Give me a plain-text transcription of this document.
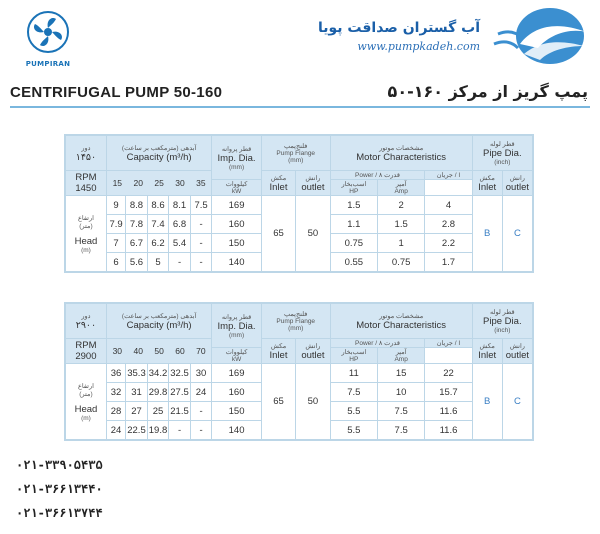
PUMPIRAN
آب گستران صداقت پویا
www.pumpkadeh.com
CENTRIFUGAL PUMP 50-160	پمپ گریز از مرکز ۱۶۰-۵۰
دور
۱۴۵۰	آبدهی (مترمکعب بر ساعت)
Capacity (m³/h)					قطر پروانه
Imp. Dia.
(mm)	فلنج‌پمپ
Pump Flange
(mm)		مشخصات موتور
Motor Characteristics			قطر لوله
Pipe Dia.
(inch)	

RPM
1450	15 20 25 30 35						مکش
Inlet	رانش
outlet	Power / ۸ قدرت		جریان / I	مکش
Inlet	رانش
outlet

						کیلووات
kW			اسب‌بخار
HP	آمپر
Amp			

ارتفاع
(متر)
Head
(m)	9	8.8	8.6	8.1	7.5	169	65	50	1.5	2	4	B	C
	7.9	7.8	7.4	6.8	-	160			1.1	1.5	2.8		
	7	6.7	6.2	5.4	-	150			0.75	1	2.2		
	6	5.6	5	-	-	140			0.55	0.75	1.7		
دور
۲۹۰۰	آبدهی (مترمکعب بر ساعت)
Capacity (m³/h)					قطر پروانه
Imp. Dia.
(mm)	فلنج‌پمپ
Pump Flange
(mm)		مشخصات موتور
Motor Characteristics			قطر لوله
Pipe Dia.
(inch)	

RPM
2900	30 40 50 60 70						مکش
Inlet	رانش
outlet	Power / ۸ قدرت		جریان / I	مکش
Inlet	رانش
outlet

						کیلووات
kW			اسب‌بخار
HP	آمپر
Amp			

ارتفاع
(متر)
Head
(m)	36	35.3	34.2	32.5	30	169	65	50	11	15	22	B	C
	32	31	29.8	27.5	24	160			7.5	10	15.7		
	28	27	25	21.5	-	150			5.5	7.5	11.6		
	24	22.5	19.8	-	-	140			5.5	7.5	11.6		
۰۲۱-۳۳۹۰۵۴۳۵
۰۲۱-۳۶۶۱۳۴۴۰
۰۲۱-۳۶۶۱۳۷۴۴
